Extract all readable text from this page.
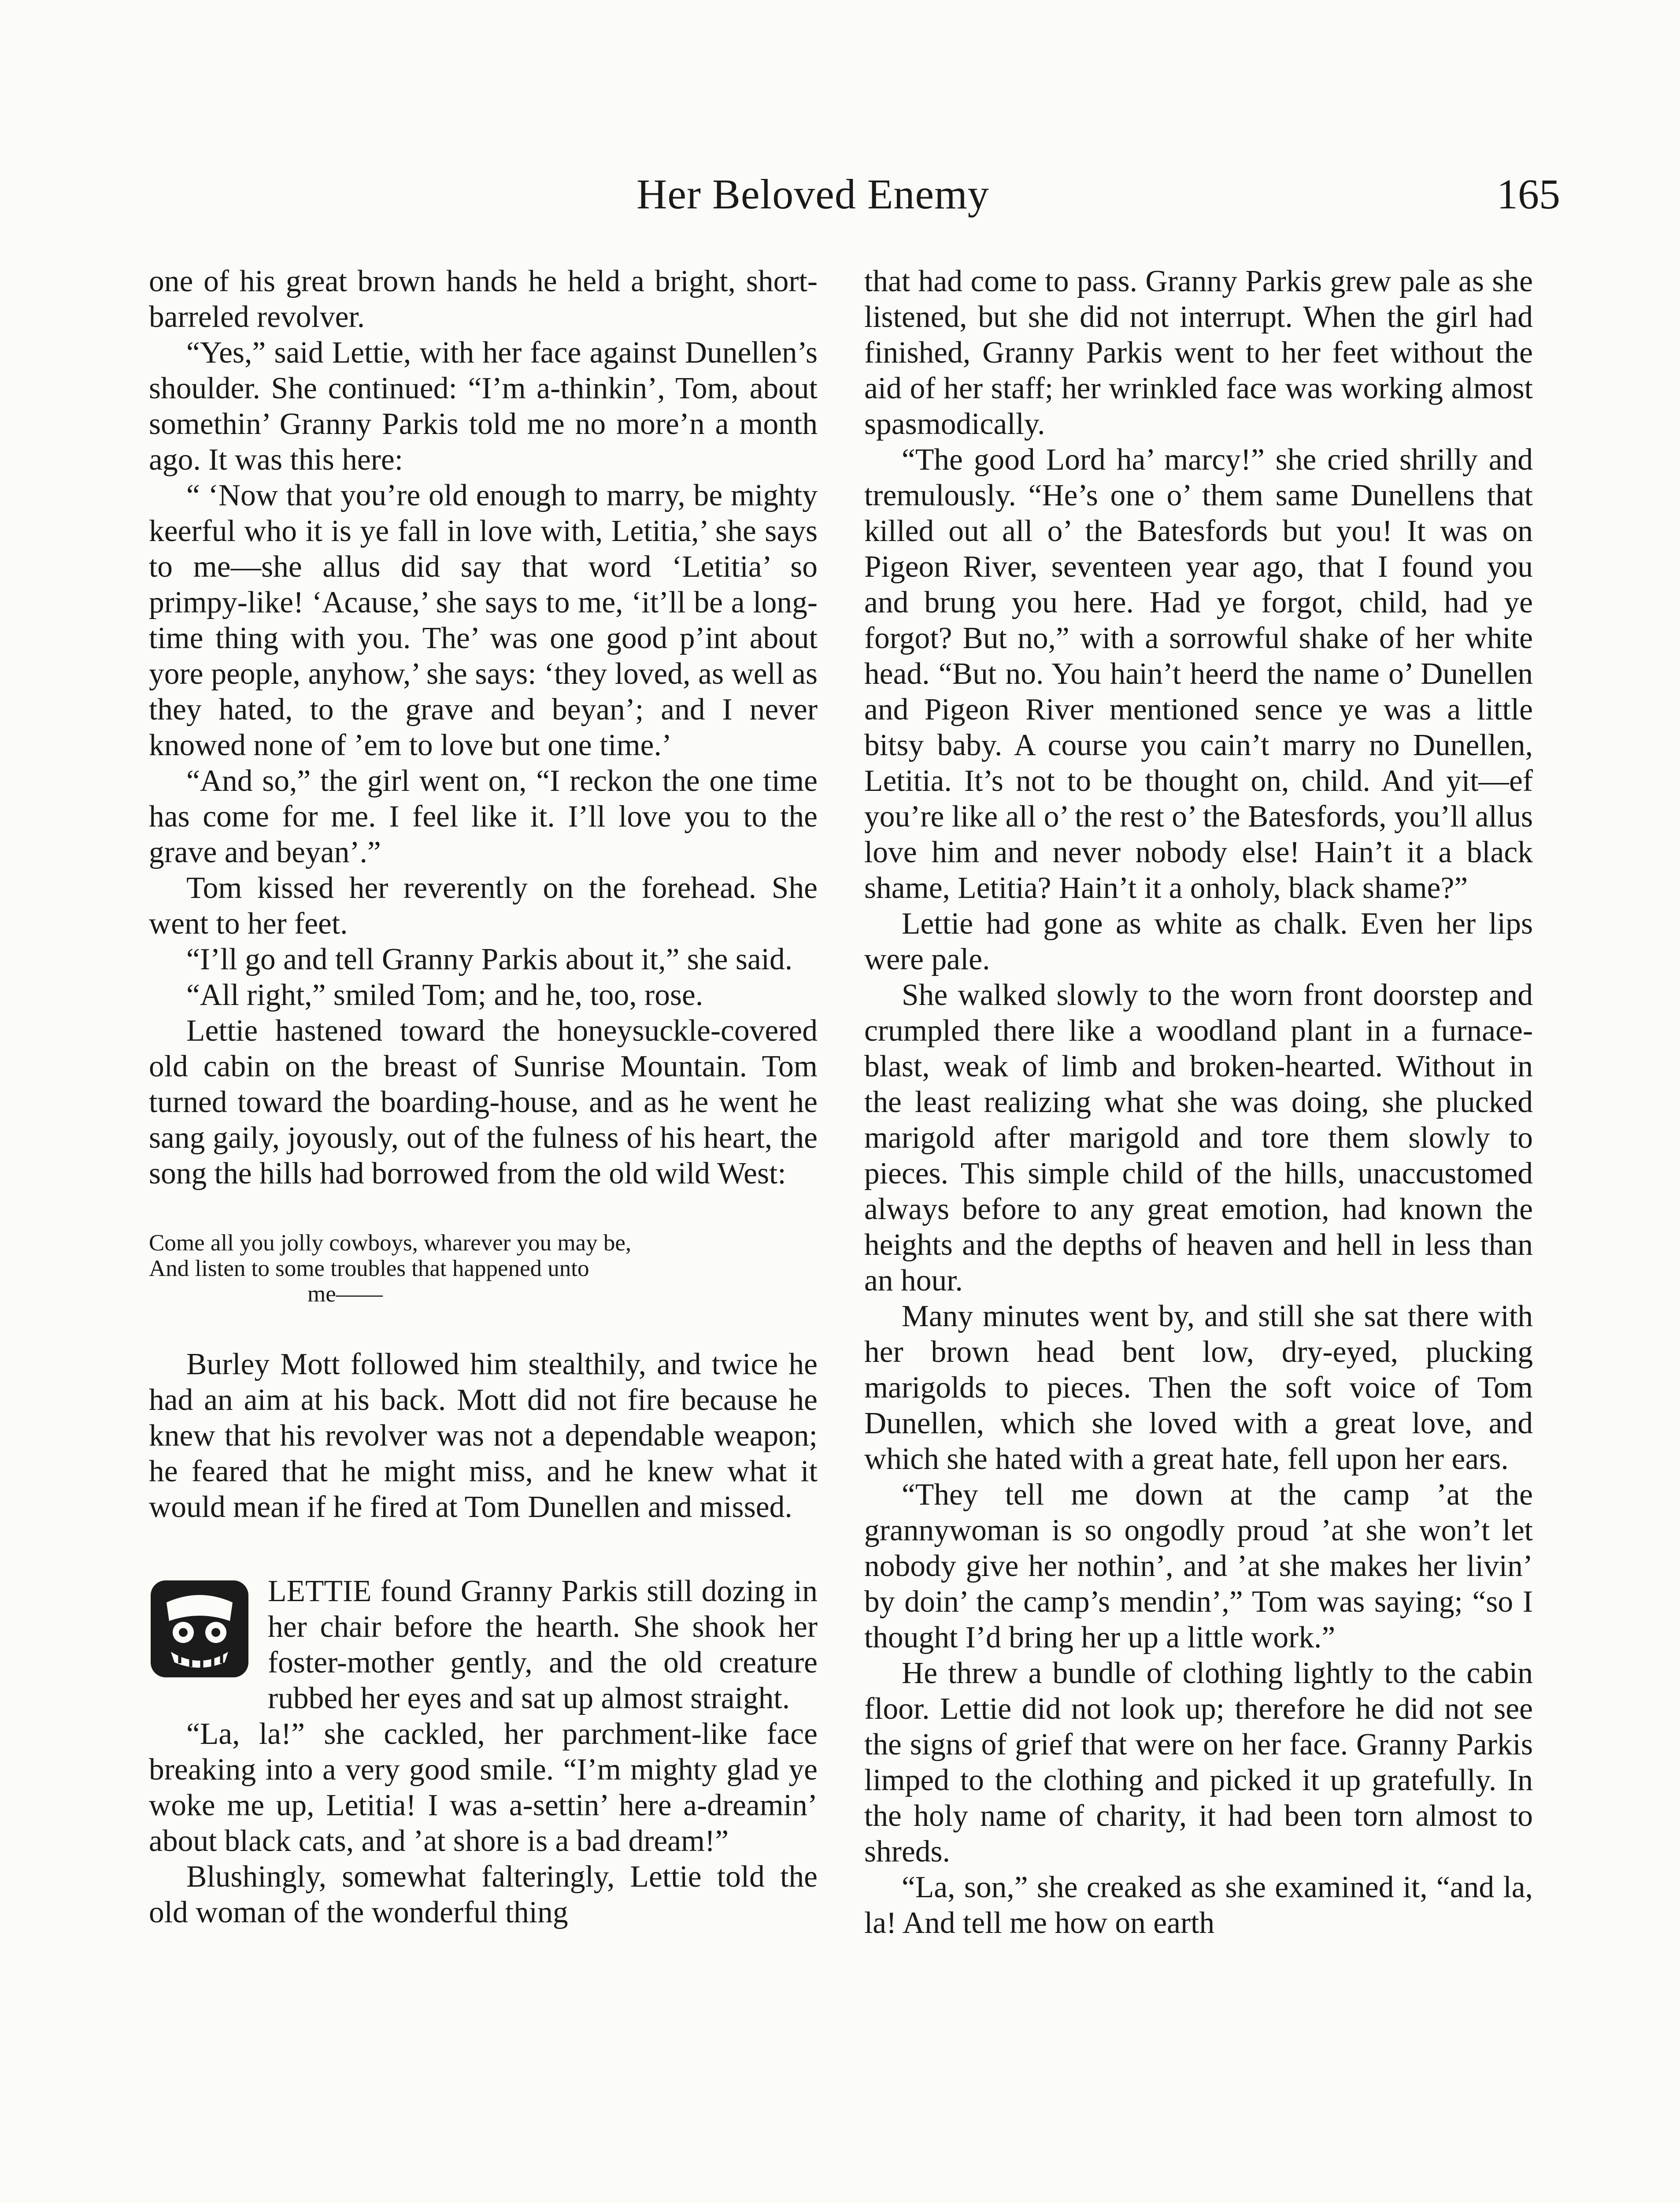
Her Beloved Enemy	165

one of his great brown hands he held a bright, short-barreled revolver.

“Yes,” said Lettie, with her face against Dunellen’s shoulder. She continued: “I’m a-thinkin’, Tom, about somethin’ Granny Parkis told me no more’n a month ago. It was this here:

“ ‘Now that you’re old enough to marry, be mighty keerful who it is ye fall in love with, Letitia,’ she says to me—she allus did say that word ‘Letitia’ so primpy-like! ‘Acause,’ she says to me, ‘it’ll be a long-time thing with you. The’ was one good p’int about yore people, anyhow,’ she says: ‘they loved, as well as they hated, to the grave and beyan’; and I never knowed none of ’em to love but one time.’

“And so,” the girl went on, “I reckon the one time has come for me. I feel like it. I’ll love you to the grave and beyan’.”

Tom kissed her reverently on the forehead. She went to her feet.

“I’ll go and tell Granny Parkis about it,” she said.

“All right,” smiled Tom; and he, too, rose.

Lettie hastened toward the honeysuckle-covered old cabin on the breast of Sunrise Mountain. Tom turned toward the boarding-house, and as he went he sang gaily, joyously, out of the fulness of his heart, the song the hills had borrowed from the old wild West:

Come all you jolly cowboys, wharever you may be,
And listen to some troubles that happened unto
me——

Burley Mott followed him stealthily, and twice he had an aim at his back. Mott did not fire because he knew that his revolver was not a dependable weapon; he feared that he might miss, and he knew what it would mean if he fired at Tom Dunellen and missed.

LETTIE found Granny Parkis still dozing in her chair before the hearth. She shook her foster-mother gently, and the old creature rubbed her eyes and sat up almost straight.

“La, la!” she cackled, her parchment-like face breaking into a very good smile. “I’m mighty glad ye woke me up, Letitia! I was a-settin’ here a-dreamin’ about black cats, and ’at shore is a bad dream!”

Blushingly, somewhat falteringly, Lettie told the old woman of the wonderful thing

that had come to pass. Granny Parkis grew pale as she listened, but she did not interrupt. When the girl had finished, Granny Parkis went to her feet without the aid of her staff; her wrinkled face was working almost spasmodically.

“The good Lord ha’ marcy!” she cried shrilly and tremulously. “He’s one o’ them same Dunellens that killed out all o’ the Batesfords but you! It was on Pigeon River, seventeen year ago, that I found you and brung you here. Had ye forgot, child, had ye forgot? But no,” with a sorrowful shake of her white head. “But no. You hain’t heerd the name o’ Dunellen and Pigeon River mentioned sence ye was a little bitsy baby. A course you cain’t marry no Dunellen, Letitia. It’s not to be thought on, child. And yit—ef you’re like all o’ the rest o’ the Batesfords, you’ll allus love him and never nobody else! Hain’t it a black shame, Letitia? Hain’t it a onholy, black shame?”

Lettie had gone as white as chalk. Even her lips were pale.

She walked slowly to the worn front doorstep and crumpled there like a woodland plant in a furnace-blast, weak of limb and broken-hearted. Without in the least realizing what she was doing, she plucked marigold after marigold and tore them slowly to pieces. This simple child of the hills, unaccustomed always before to any great emotion, had known the heights and the depths of heaven and hell in less than an hour.

Many minutes went by, and still she sat there with her brown head bent low, dry-eyed, plucking marigolds to pieces. Then the soft voice of Tom Dunellen, which she loved with a great love, and which she hated with a great hate, fell upon her ears.

“They tell me down at the camp ’at the grannywoman is so ongodly proud ’at she won’t let nobody give her nothin’, and ’at she makes her livin’ by doin’ the camp’s mendin’,” Tom was saying; “so I thought I’d bring her up a little work.”

He threw a bundle of clothing lightly to the cabin floor. Lettie did not look up; therefore he did not see the signs of grief that were on her face. Granny Parkis limped to the clothing and picked it up gratefully. In the holy name of charity, it had been torn almost to shreds.

“La, son,” she creaked as she examined it, “and la, la! And tell me how on earth
